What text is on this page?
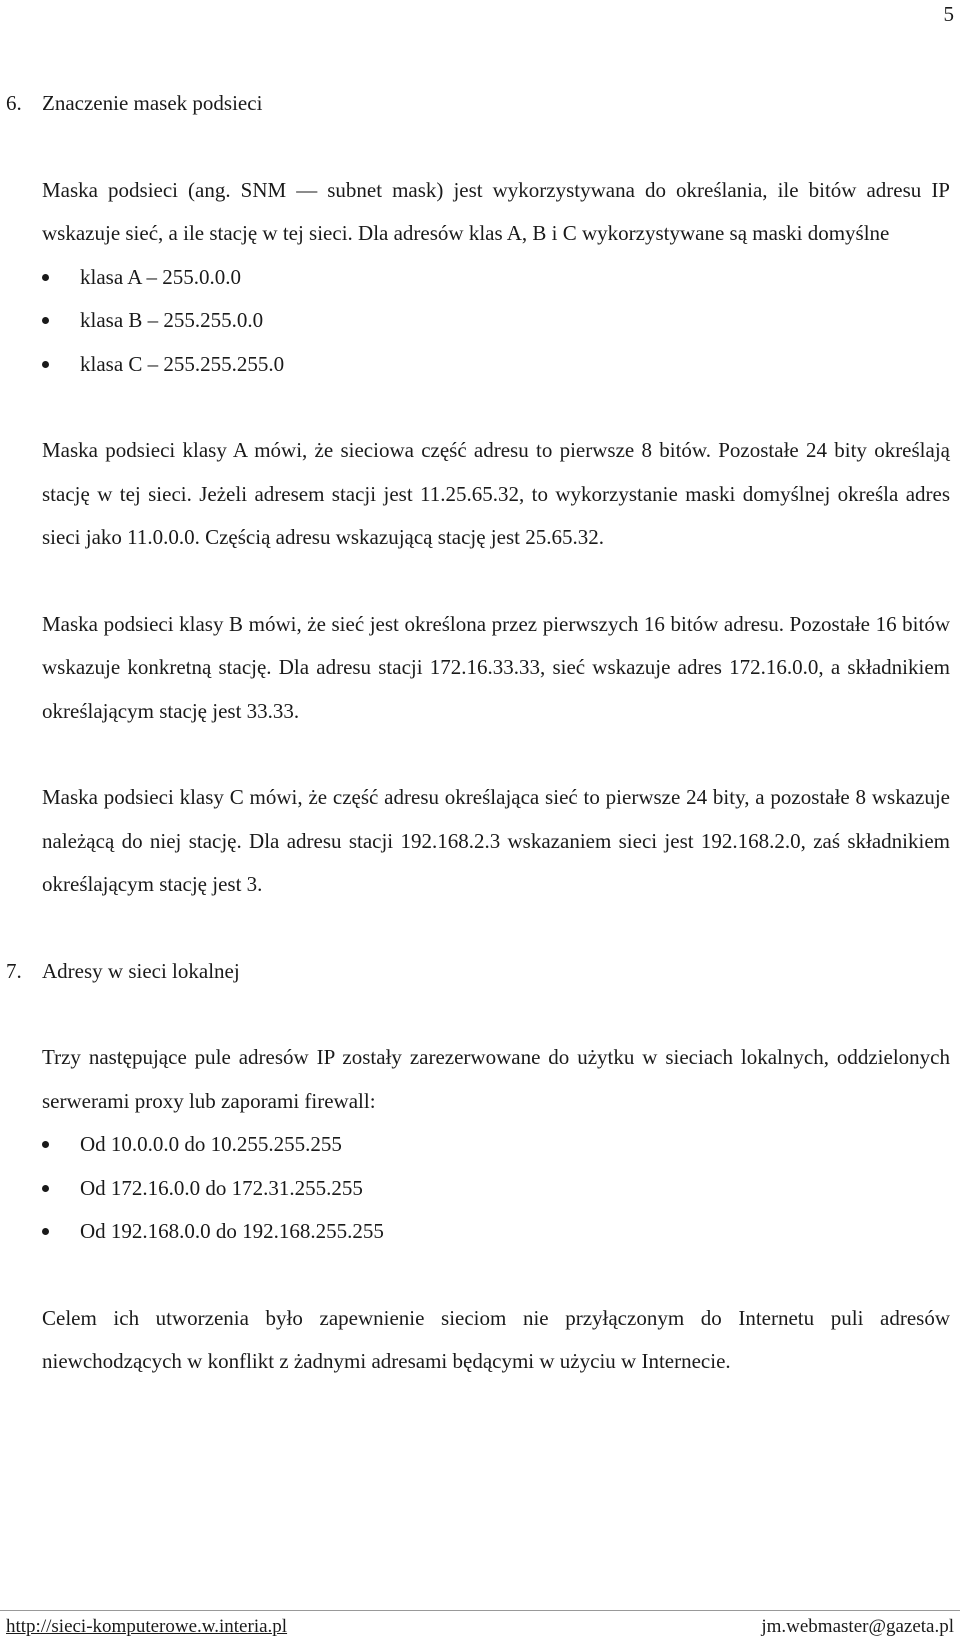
5

6. Znaczenie masek podsieci

Maska podsieci (ang. SNM — subnet mask) jest wykorzystywana do określania, ile bitów adresu IP wskazuje sieć, a ile stację w tej sieci. Dla adresów klas A, B i C wykorzystywane są maski domyślne

klasa A – 255.0.0.0
klasa B – 255.255.0.0
klasa C – 255.255.255.0

Maska podsieci klasy A mówi, że sieciowa część adresu to pierwsze 8 bitów. Pozostałe 24 bity określają stację w tej sieci. Jeżeli adresem stacji jest 11.25.65.32, to wykorzystanie maski domyślnej określa adres sieci jako 11.0.0.0. Częścią adresu wskazującą stację jest 25.65.32.

Maska podsieci klasy B mówi, że sieć jest określona przez pierwszych 16 bitów adresu. Pozostałe 16 bitów wskazuje konkretną stację. Dla adresu stacji 172.16.33.33, sieć wskazuje adres 172.16.0.0, a składnikiem określającym stację jest 33.33.

Maska podsieci klasy C mówi, że część adresu określająca sieć to pierwsze 24 bity, a pozostałe 8 wskazuje należącą do niej stację. Dla adresu stacji 192.168.2.3 wskazaniem sieci jest 192.168.2.0, zaś składnikiem określającym stację jest 3.

7. Adresy w sieci lokalnej

Trzy następujące pule adresów IP zostały zarezerwowane do użytku w sieciach lokalnych, oddzielonych serwerami proxy lub zaporami firewall:

Od 10.0.0.0 do 10.255.255.255
Od 172.16.0.0 do 172.31.255.255
Od 192.168.0.0 do 192.168.255.255

Celem ich utworzenia było zapewnienie sieciom nie przyłączonym do Internetu puli adresów niewchodzących w konflikt z żadnymi adresami będącymi w użyciu w Internecie.

http://sieci-komputerowe.w.interia.pl	jm.webmaster@gazeta.pl
